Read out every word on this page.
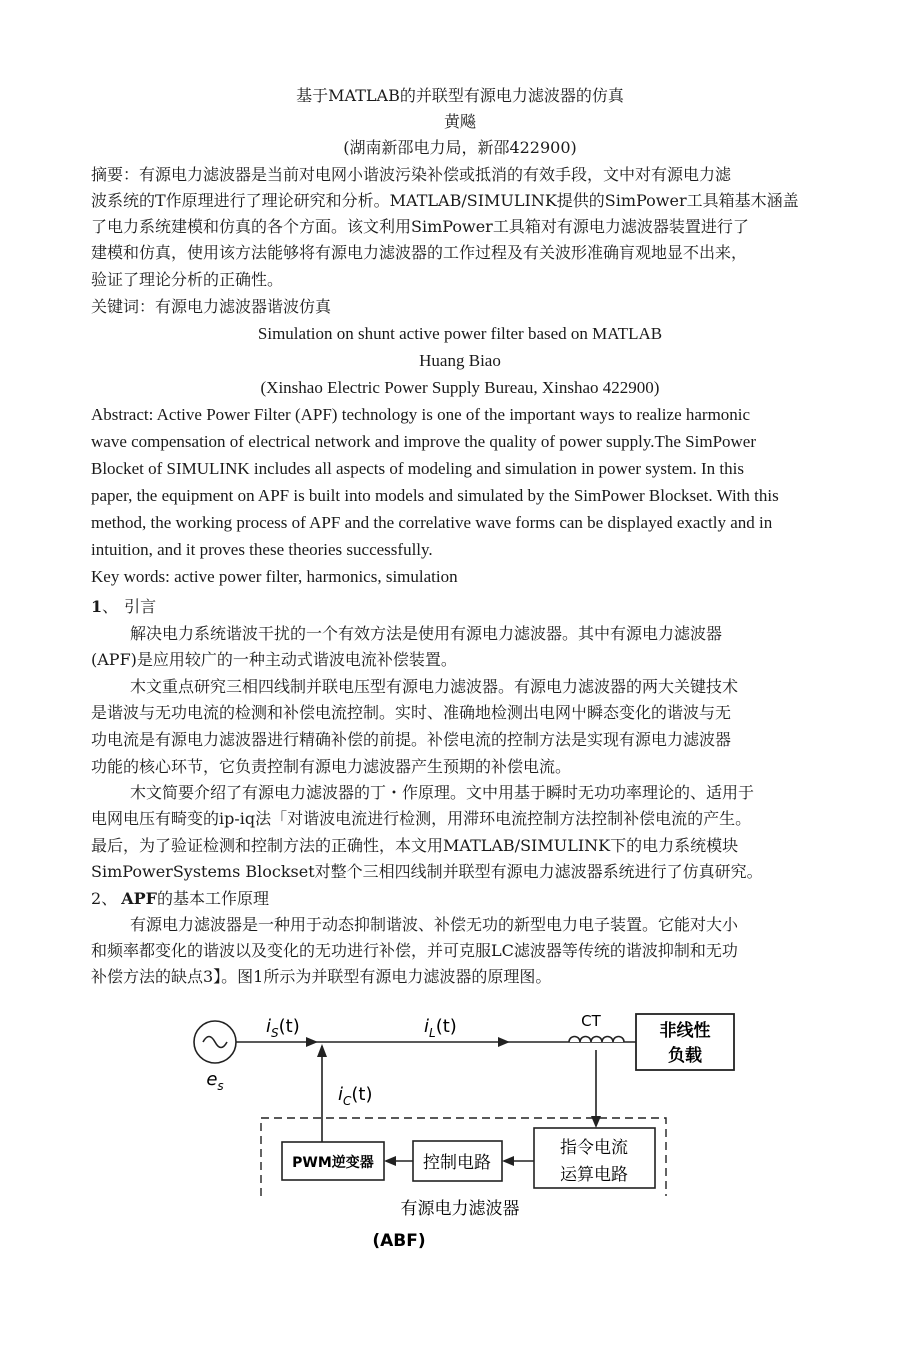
基于MATLAB的并联型有源电力滤波器的仿真
黄飚
(湖南新邵电力局，新邵422900)
摘要：有源电力滤波器是当前对电网小谐波污染补偿或抵消的有效手段，文中对有源电力滤
波系统的T作原理进行了理论研究和分析。MATLAB/SIMULINK提供的SimPower工具箱基木涵盖
了电力系统建模和仿真的各个方面。该文利用SimPower工具箱对有源电力滤波器装置进行了
建模和仿真，使用该方法能够将有源电力滤波器的工作过程及有关波形准确肓观地显不出来，
验证了理论分析的正确性。
关键词：有源电力滤波器谐波仿真
Simulation on shunt active power filter based on MATLAB
Huang Biao
(Xinshao Electric Power Supply Bureau, Xinshao 422900)
Abstract: Active Power Filter (APF) technology is one of the important ways to realize harmonic
wave compensation of electrical network and improve the quality of power supply.The SimPower
Blocket of SIMULINK includes all aspects of modeling and simulation in power system. In this
paper, the equipment on APF is built into models and simulated by the SimPower Blockset. With this
method, the working process of APF and the correlative wave forms can be displayed exactly and in
intuition, and it proves these theories successfully.
Key words: active power filter, harmonics, simulation
1、 引言
解决电力系统谐波干扰的一个有效方法是使用有源电力滤波器。其中有源电力滤波器
(APF)是应用较广的一种主动式谐波电流补偿装置。
木文重点研究三相四线制并联电压型有源电力滤波器。有源电力滤波器的两大关键技术
是谐波与无功电流的检测和补偿电流控制。实时、准确地检测出电网屮瞬态变化的谐波与无
功电流是有源电力滤波器进行精确补偿的前提。补偿电流的控制方法是实现有源电力滤波器
功能的核心环节，它负责控制有源电力滤波器产生预期的补偿电流。
木文简要介绍了有源电力滤波器的丁・作原理。文中用基于瞬时无功功率理论的、适用于
电网电压有畸变的ip-iq法「对谐波电流进行检测，用滞环电流控制方法控制补偿电流的产生。
最后，为了验证检测和控制方法的正确性，本文用MATLAB/SIMULINK下的电力系统模块
SimPowerSystems Blockset对整个三相四线制并联型有源电力滤波器系统进行了仿真研究。
2、 APF的基本工作原理
有源电力滤波器是一种用于动态抑制谐波、补偿无功的新型电力电子装置。它能对大小
和频率都变化的谐波以及变化的无功进行补偿，并可克服LC滤波器等传统的谐波抑制和无功
补偿方法的缺点3】。图1所示为并联型有源电力滤波器的原理图。
$e_s$
$i_S(t)$	$i_L(t)$	CT	非线性
负载
$i_C(t)$
指令电流
运算电路
控制电路
PWM逆变器
有源电力滤波器
(ABF)
